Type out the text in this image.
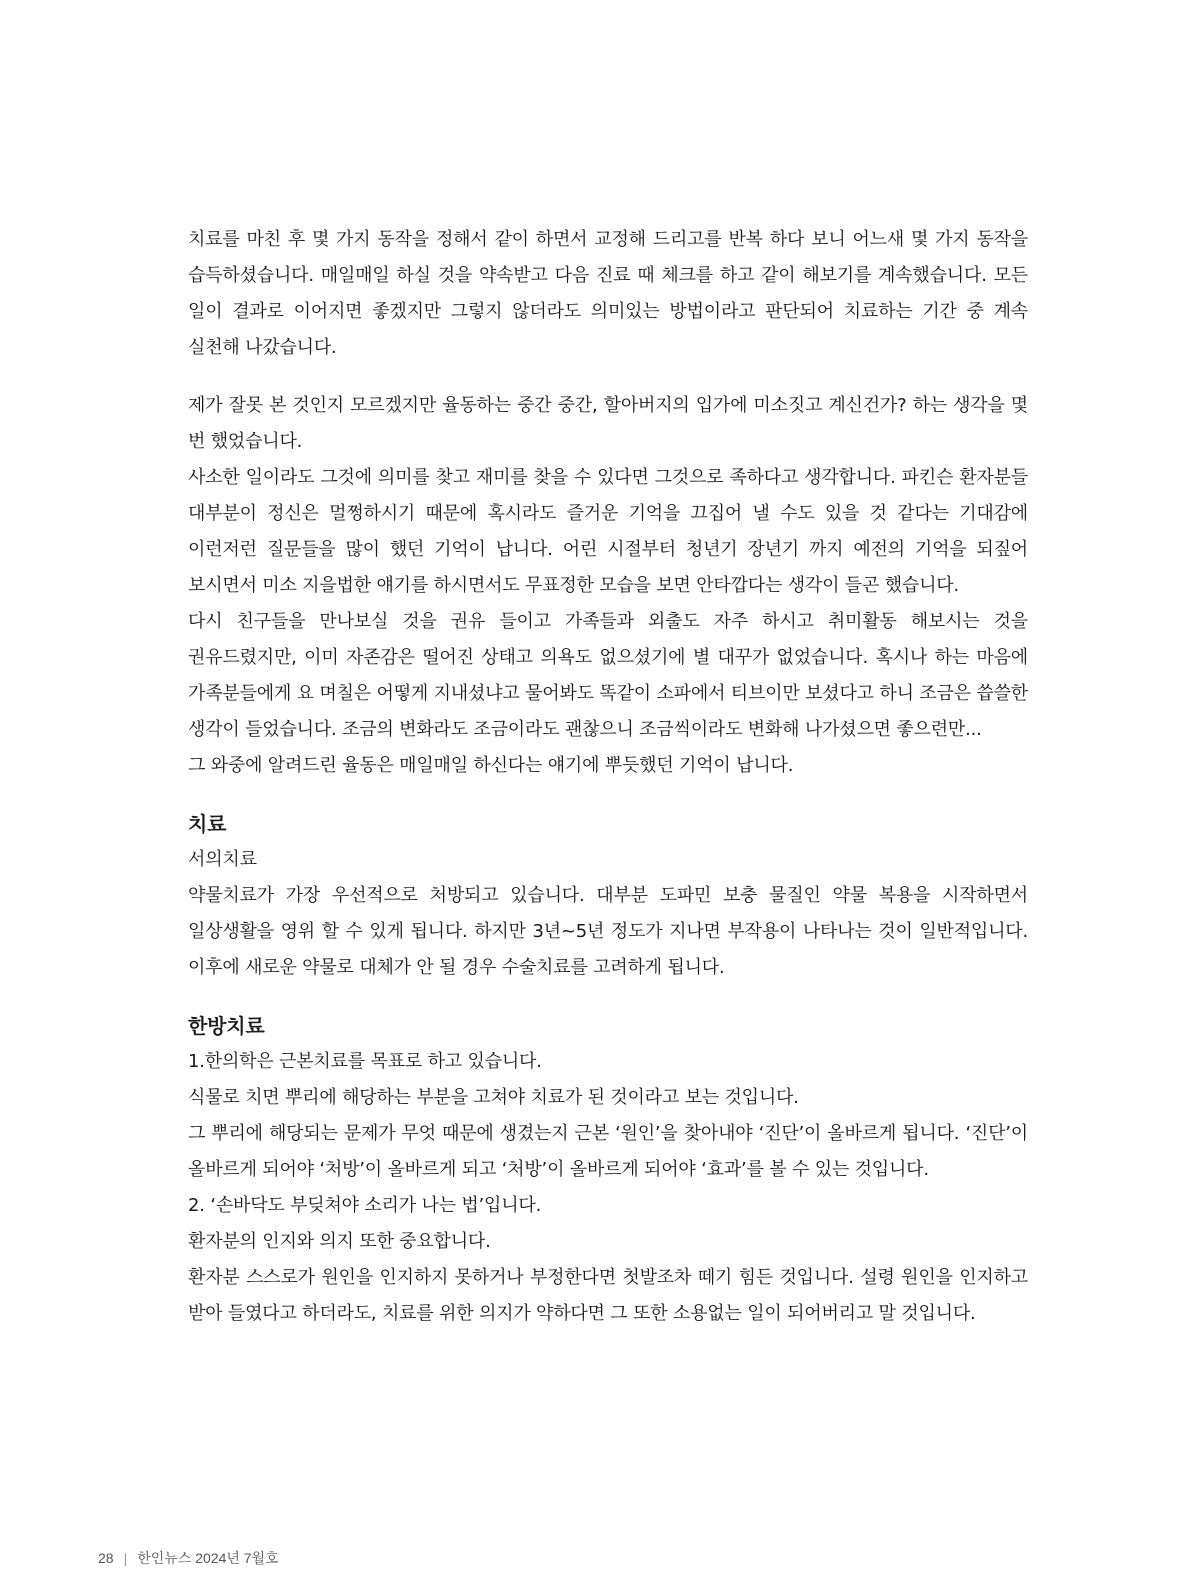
치료를 마친 후 몇 가지 동작을 정해서 같이 하면서 교정해 드리고를 반복 하다 보니 어느새 몇 가지 동작을 습득하셨습니다. 매일매일 하실 것을 약속받고 다음 진료 때 체크를 하고 같이 해보기를 계속했습니다. 모든 일이 결과로 이어지면 좋겠지만 그렇지 않더라도 의미있는 방법이라고 판단되어 치료하는 기간 중 계속 실천해 나갔습니다.

제가 잘못 본 것인지 모르겠지만 율동하는 중간 중간, 할아버지의 입가에 미소짓고 계신건가? 하는 생각을 몇 번 했었습니다.

사소한 일이라도 그것에 의미를 찾고 재미를 찾을 수 있다면 그것으로 족하다고 생각합니다. 파킨슨 환자분들 대부분이 정신은 멀쩡하시기 때문에 혹시라도 즐거운 기억을 끄집어 낼 수도 있을 것 같다는 기대감에 이런저런 질문들을 많이 했던 기억이 납니다. 어린 시절부터 청년기 장년기 까지 예전의 기억을 되짚어 보시면서 미소 지을법한 얘기를 하시면서도 무표정한 모습을 보면 안타깝다는 생각이 들곤 했습니다.

다시 친구들을 만나보실 것을 권유 들이고 가족들과 외출도 자주 하시고 취미활동 해보시는 것을 권유드렸지만, 이미 자존감은 떨어진 상태고 의욕도 없으셨기에 별 대꾸가 없었습니다. 혹시나 하는 마음에 가족분들에게 요 며칠은 어떻게 지내셨냐고 물어봐도 똑같이 소파에서 티브이만 보셨다고 하니 조금은 씁쓸한 생각이 들었습니다. 조금의 변화라도 조금이라도 괜찮으니 조금씩이라도 변화해 나가셨으면 좋으련만...

그 와중에 알려드린 율동은 매일매일 하신다는 얘기에 뿌듯했던 기억이 납니다.

치료

서의치료

약물치료가 가장 우선적으로 처방되고 있습니다. 대부분 도파민 보충 물질인 약물 복용을 시작하면서 일상생활을 영위 할 수 있게 됩니다. 하지만 3년~5년 정도가 지나면 부작용이 나타나는 것이 일반적입니다. 이후에 새로운 약물로 대체가 안 될 경우 수술치료를 고려하게 됩니다.

한방치료

1.한의학은 근본치료를 목표로 하고 있습니다.

식물로 치면 뿌리에 해당하는 부분을 고쳐야 치료가 된 것이라고 보는 것입니다.

그 뿌리에 해당되는 문제가 무엇 때문에 생겼는지 근본 ‘원인’을 찾아내야 ‘진단’이 올바르게 됩니다. ‘진단’이 올바르게 되어야 ‘처방’이 올바르게 되고 ‘처방’이 올바르게 되어야 ‘효과’를 볼 수 있는 것입니다.

2. ‘손바닥도 부딪쳐야 소리가 나는 법’입니다.

환자분의 인지와 의지 또한 중요합니다.

환자분 스스로가 원인을 인지하지 못하거나 부정한다면 첫발조차 떼기 힘든 것입니다. 설령 원인을 인지하고 받아 들였다고 하더라도, 치료를 위한 의지가 약하다면 그 또한 소용없는 일이 되어버리고 말 것입니다.

28 | 한인뉴스 2024년 7월호
